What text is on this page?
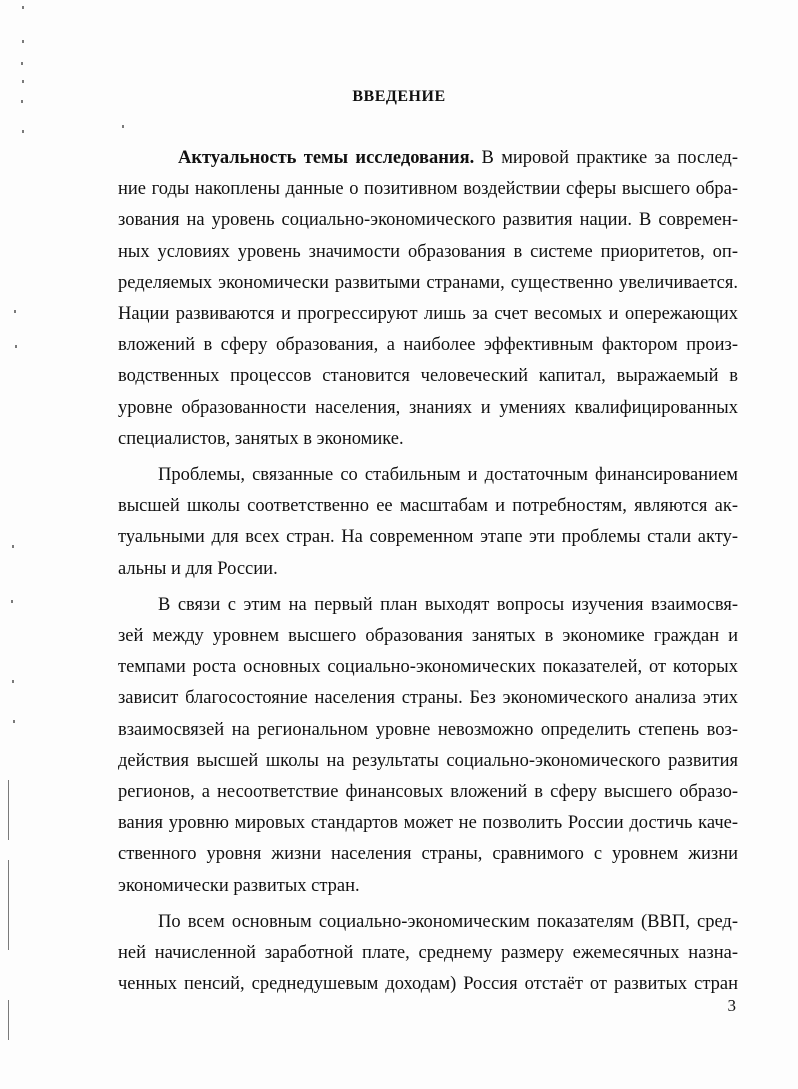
ВВЕДЕНИЕ
Актуальность темы исследования. В мировой практике за послед-
ние годы накоплены данные о позитивном воздействии сферы высшего обра-
зования на уровень социально-экономического развития нации. В современ-
ных условиях уровень значимости образования в системе приоритетов, оп-
ределяемых экономически развитыми странами, существенно увеличивается.
Нации развиваются и прогрессируют лишь за счет весомых и опережающих
вложений в сферу образования, а наиболее эффективным фактором произ-
водственных процессов становится человеческий капитал, выражаемый в
уровне образованности населения, знаниях и умениях квалифицированных
специалистов, занятых в экономике.
Проблемы, связанные со стабильным и достаточным финансированием
высшей школы соответственно ее масштабам и потребностям, являются ак-
туальными для всех стран. На современном этапе эти проблемы стали акту-
альны и для России.
В связи с этим на первый план выходят вопросы изучения взаимосвя-
зей между уровнем высшего образования занятых в экономике граждан и
темпами роста основных социально-экономических показателей, от которых
зависит благосостояние населения страны. Без экономического анализа этих
взаимосвязей на региональном уровне невозможно определить степень воз-
действия высшей школы на результаты социально-экономического развития
регионов, а несоответствие финансовых вложений в сферу высшего образо-
вания уровню мировых стандартов может не позволить России достичь каче-
ственного уровня жизни населения страны, сравнимого с уровнем жизни
экономически развитых стран.
По всем основным социально-экономическим показателям (ВВП, сред-
ней начисленной заработной плате, среднему размеру ежемесячных назна-
ченных пенсий, среднедушевым доходам) Россия отстаёт от развитых стран
3
